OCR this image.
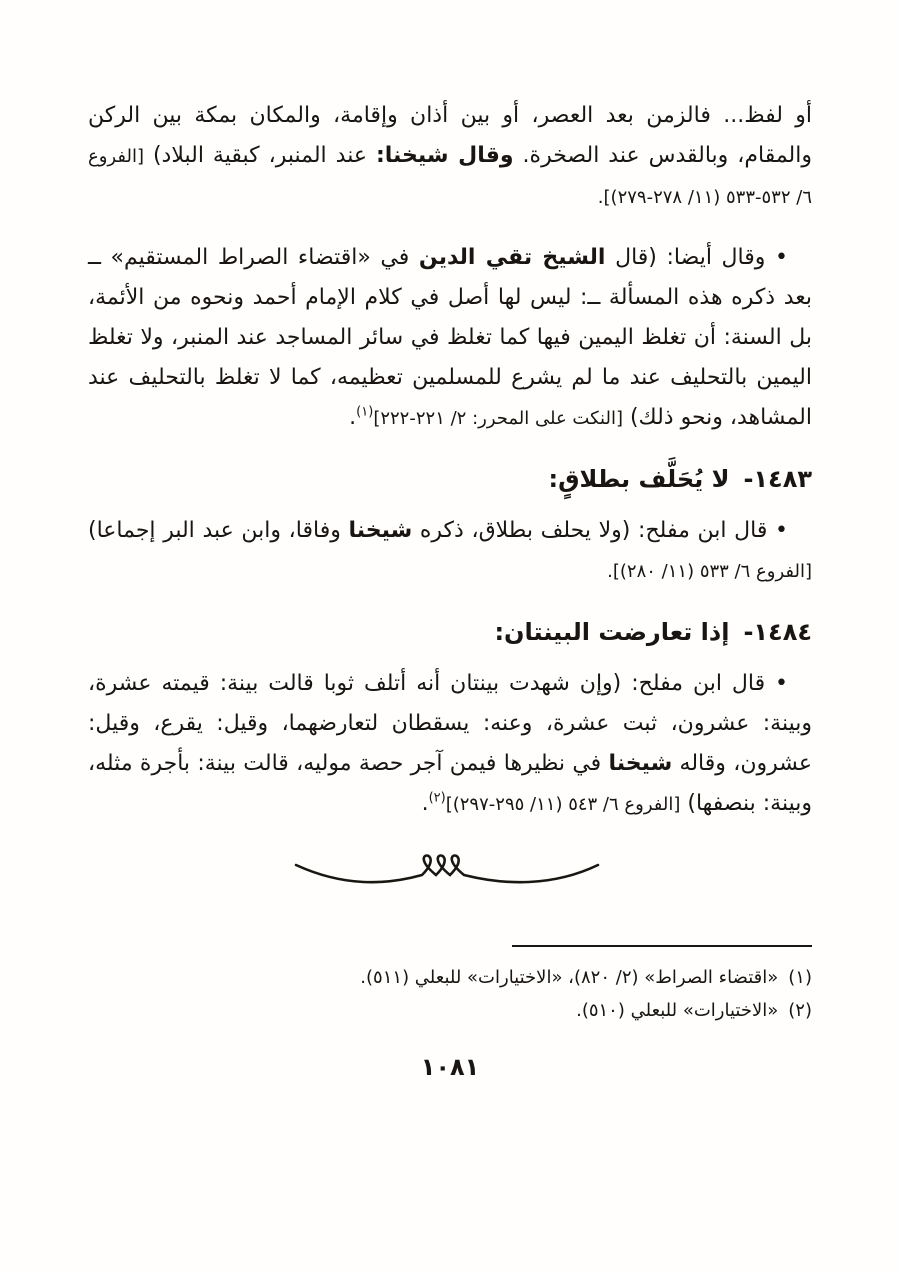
أو لفظ... فالزمن بعد العصر، أو بين أذان وإقامة، والمكان بمكة بين الركن والمقام، وبالقدس عند الصخرة. وقال شيخنا: عند المنبر، كبقية البلاد) [الفروع ٦/ ٥٣٢-٥٣٣ (١١/ ٢٧٨-٢٧٩)].

• وقال أيضا: (قال الشيخ تقي الدين في «اقتضاء الصراط المستقيم» ــ بعد ذكره هذه المسألة ــ: ليس لها أصل في كلام الإمام أحمد ونحوه من الأئمة، بل السنة: أن تغلظ اليمين فيها كما تغلظ في سائر المساجد عند المنبر، ولا تغلظ اليمين بالتحليف عند ما لم يشرع للمسلمين تعظيمه، كما لا تغلظ بالتحليف عند المشاهد، ونحو ذلك) [النكت على المحرر: ٢/ ٢٢١-٢٢٢]$^{(١)}$.

١٤٨٣-لا يُحَلَّف بطلاقٍ:

• قال ابن مفلح: (ولا يحلف بطلاق، ذكره شيخنا وفاقا، وابن عبد البر إجماعا) [الفروع ٦/ ٥٣٣ (١١/ ٢٨٠)].

١٤٨٤-إذا تعارضت البينتان:

• قال ابن مفلح: (وإن شهدت بينتان أنه أتلف ثوبا قالت بينة: قيمته عشرة، وبينة: عشرون، ثبت عشرة، وعنه: يسقطان لتعارضهما، وقيل: يقرع، وقيل: عشرون، وقاله شيخنا في نظيرها فيمن آجر حصة موليه، قالت بينة: بأجرة مثله، وبينة: بنصفها) [الفروع ٦/ ٥٤٣ (١١/ ٢٩٥-٢٩٧)]$^{(٢)}$.

(١)«اقتضاء الصراط» (٢/ ٨٢٠)، «الاختيارات» للبعلي (٥١١).
(٢)«الاختيارات» للبعلي (٥١٠).
١٠٨١
